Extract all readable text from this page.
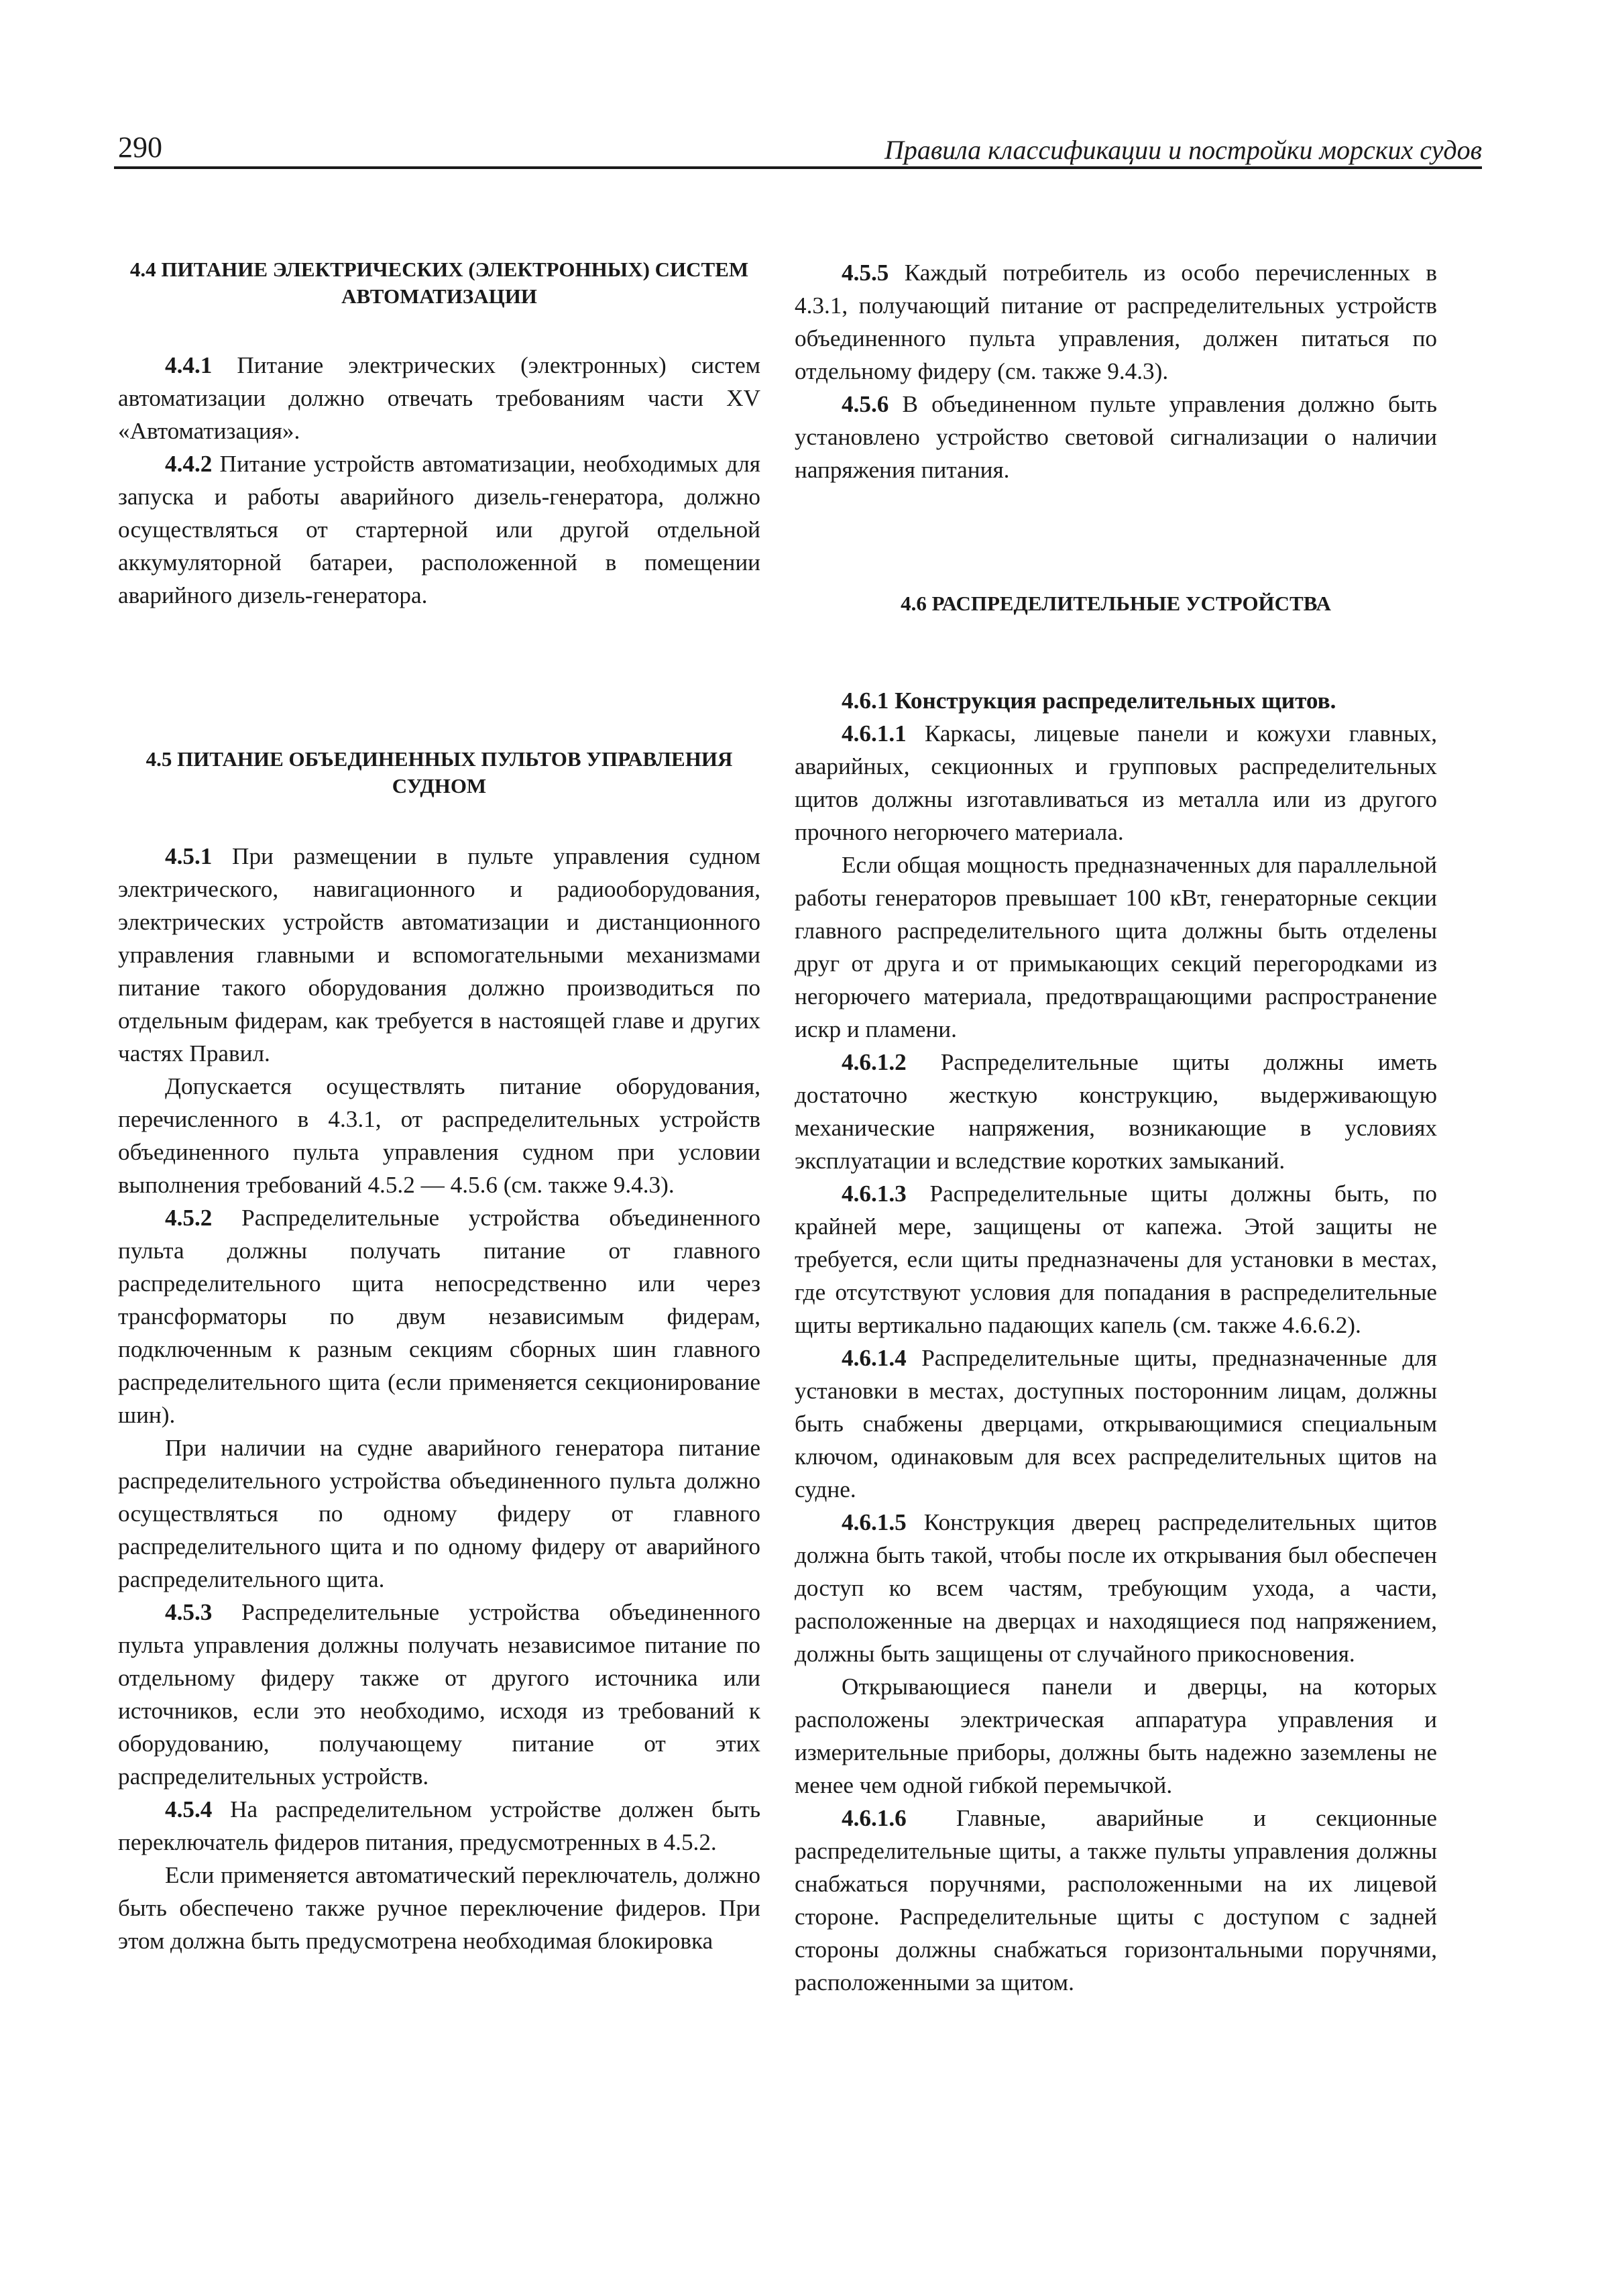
290	Правила классификации и постройки морских судов
4.4 ПИТАНИЕ ЭЛЕКТРИЧЕСКИХ (ЭЛЕКТРОННЫХ) СИСТЕМ АВТОМАТИЗАЦИИ

4.4.1 Питание электрических (электронных) систем автоматизации должно отвечать требованиям части XV «Автоматизация».

4.4.2 Питание устройств автоматизации, необходимых для запуска и работы аварийного дизель-генератора, должно осуществляться от стартерной или другой отдельной аккумуляторной батареи, расположенной в помещении аварийного дизель-генератора.

4.5 ПИТАНИЕ ОБЪЕДИНЕННЫХ ПУЛЬТОВ УПРАВЛЕНИЯ СУДНОМ

4.5.1 При размещении в пульте управления судном электрического, навигационного и радиооборудования, электрических устройств автоматизации и дистанционного управления главными и вспомогательными механизмами питание такого оборудования должно производиться по отдельным фидерам, как требуется в настоящей главе и других частях Правил.

Допускается осуществлять питание оборудования, перечисленного в 4.3.1, от распределительных устройств объединенного пульта управления судном при условии выполнения требований 4.5.2 — 4.5.6 (см. также 9.4.3).

4.5.2 Распределительные устройства объединенного пульта должны получать питание от главного распределительного щита непосредственно или через трансформаторы по двум независимым фидерам, подключенным к разным секциям сборных шин главного распределительного щита (если применяется секционирование шин).

При наличии на судне аварийного генератора питание распределительного устройства объединенного пульта должно осуществляться по одному фидеру от главного распределительного щита и по одному фидеру от аварийного распределительного щита.

4.5.3 Распределительные устройства объединенного пульта управления должны получать независимое питание по отдельному фидеру также от другого источника или источников, если это необходимо, исходя из требований к оборудованию, получающему питание от этих распределительных устройств.

4.5.4 На распределительном устройстве должен быть переключатель фидеров питания, предусмотренных в 4.5.2.

Если применяется автоматический переключатель, должно быть обеспечено также ручное переключение фидеров. При этом должна быть предусмотрена необходимая блокировка

4.5.5 Каждый потребитель из особо перечисленных в 4.3.1, получающий питание от распределительных устройств объединенного пульта управления, должен питаться по отдельному фидеру (см. также 9.4.3).

4.5.6 В объединенном пульте управления должно быть установлено устройство световой сигнализации о наличии напряжения питания.

4.6 РАСПРЕДЕЛИТЕЛЬНЫЕ УСТРОЙСТВА

4.6.1 Конструкция распределительных щитов.

4.6.1.1 Каркасы, лицевые панели и кожухи главных, аварийных, секционных и групповых распределительных щитов должны изготавливаться из металла или из другого прочного негорючего материала.

Если общая мощность предназначенных для параллельной работы генераторов превышает 100 кВт, генераторные секции главного распределительного щита должны быть отделены друг от друга и от примыкающих секций перегородками из негорючего материала, предотвращающими распространение искр и пламени.

4.6.1.2 Распределительные щиты должны иметь достаточно жесткую конструкцию, выдерживающую механические напряжения, возникающие в условиях эксплуатации и вследствие коротких замыканий.

4.6.1.3 Распределительные щиты должны быть, по крайней мере, защищены от капежа. Этой защиты не требуется, если щиты предназначены для установки в местах, где отсутствуют условия для попадания в распределительные щиты вертикально падающих капель (см. также 4.6.6.2).

4.6.1.4 Распределительные щиты, предназначенные для установки в местах, доступных посторонним лицам, должны быть снабжены дверцами, открывающимися специальным ключом, одинаковым для всех распределительных щитов на судне.

4.6.1.5 Конструкция дверец распределительных щитов должна быть такой, чтобы после их открывания был обеспечен доступ ко всем частям, требующим ухода, а части, расположенные на дверцах и находящиеся под напряжением, должны быть защищены от случайного прикосновения.

Открывающиеся панели и дверцы, на которых расположены электрическая аппаратура управления и измерительные приборы, должны быть надежно заземлены не менее чем одной гибкой перемычкой.

4.6.1.6 Главные, аварийные и секционные распределительные щиты, а также пульты управления должны снабжаться поручнями, расположенными на их лицевой стороне. Распределительные щиты с доступом с задней стороны должны снабжаться горизонтальными поручнями, расположенными за щитом.
